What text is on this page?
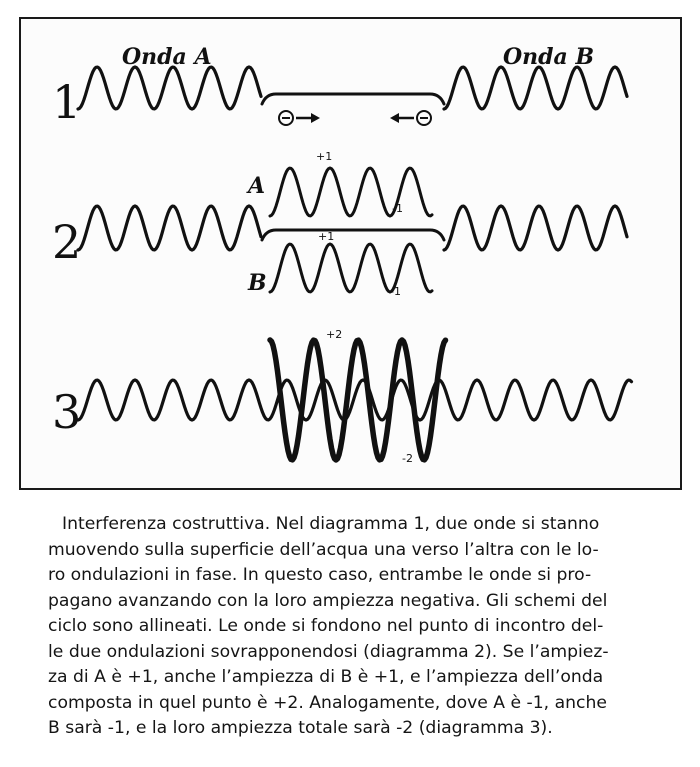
Onda A	Onda B
1
2
A
B
+1
-1
+1
-1
3
+2
-2

Interferenza costruttiva. Nel diagramma 1, due onde si stanno
muovendo sulla superficie dell’acqua una verso l’altra con le lo-
ro ondulazioni in fase. In questo caso, entrambe le onde si pro-
pagano avanzando con la loro ampiezza negativa. Gli schemi del
ciclo sono allineati. Le onde si fondono nel punto di incontro del-
le due ondulazioni sovrapponendosi (diagramma 2). Se l’ampiez-
za di A è +1, anche l’ampiezza di B è +1, e l’ampiezza dell’onda
composta in quel punto è +2. Analogamente, dove A è -1, anche
B sarà -1, e la loro ampiezza totale sarà -2 (diagramma 3).
